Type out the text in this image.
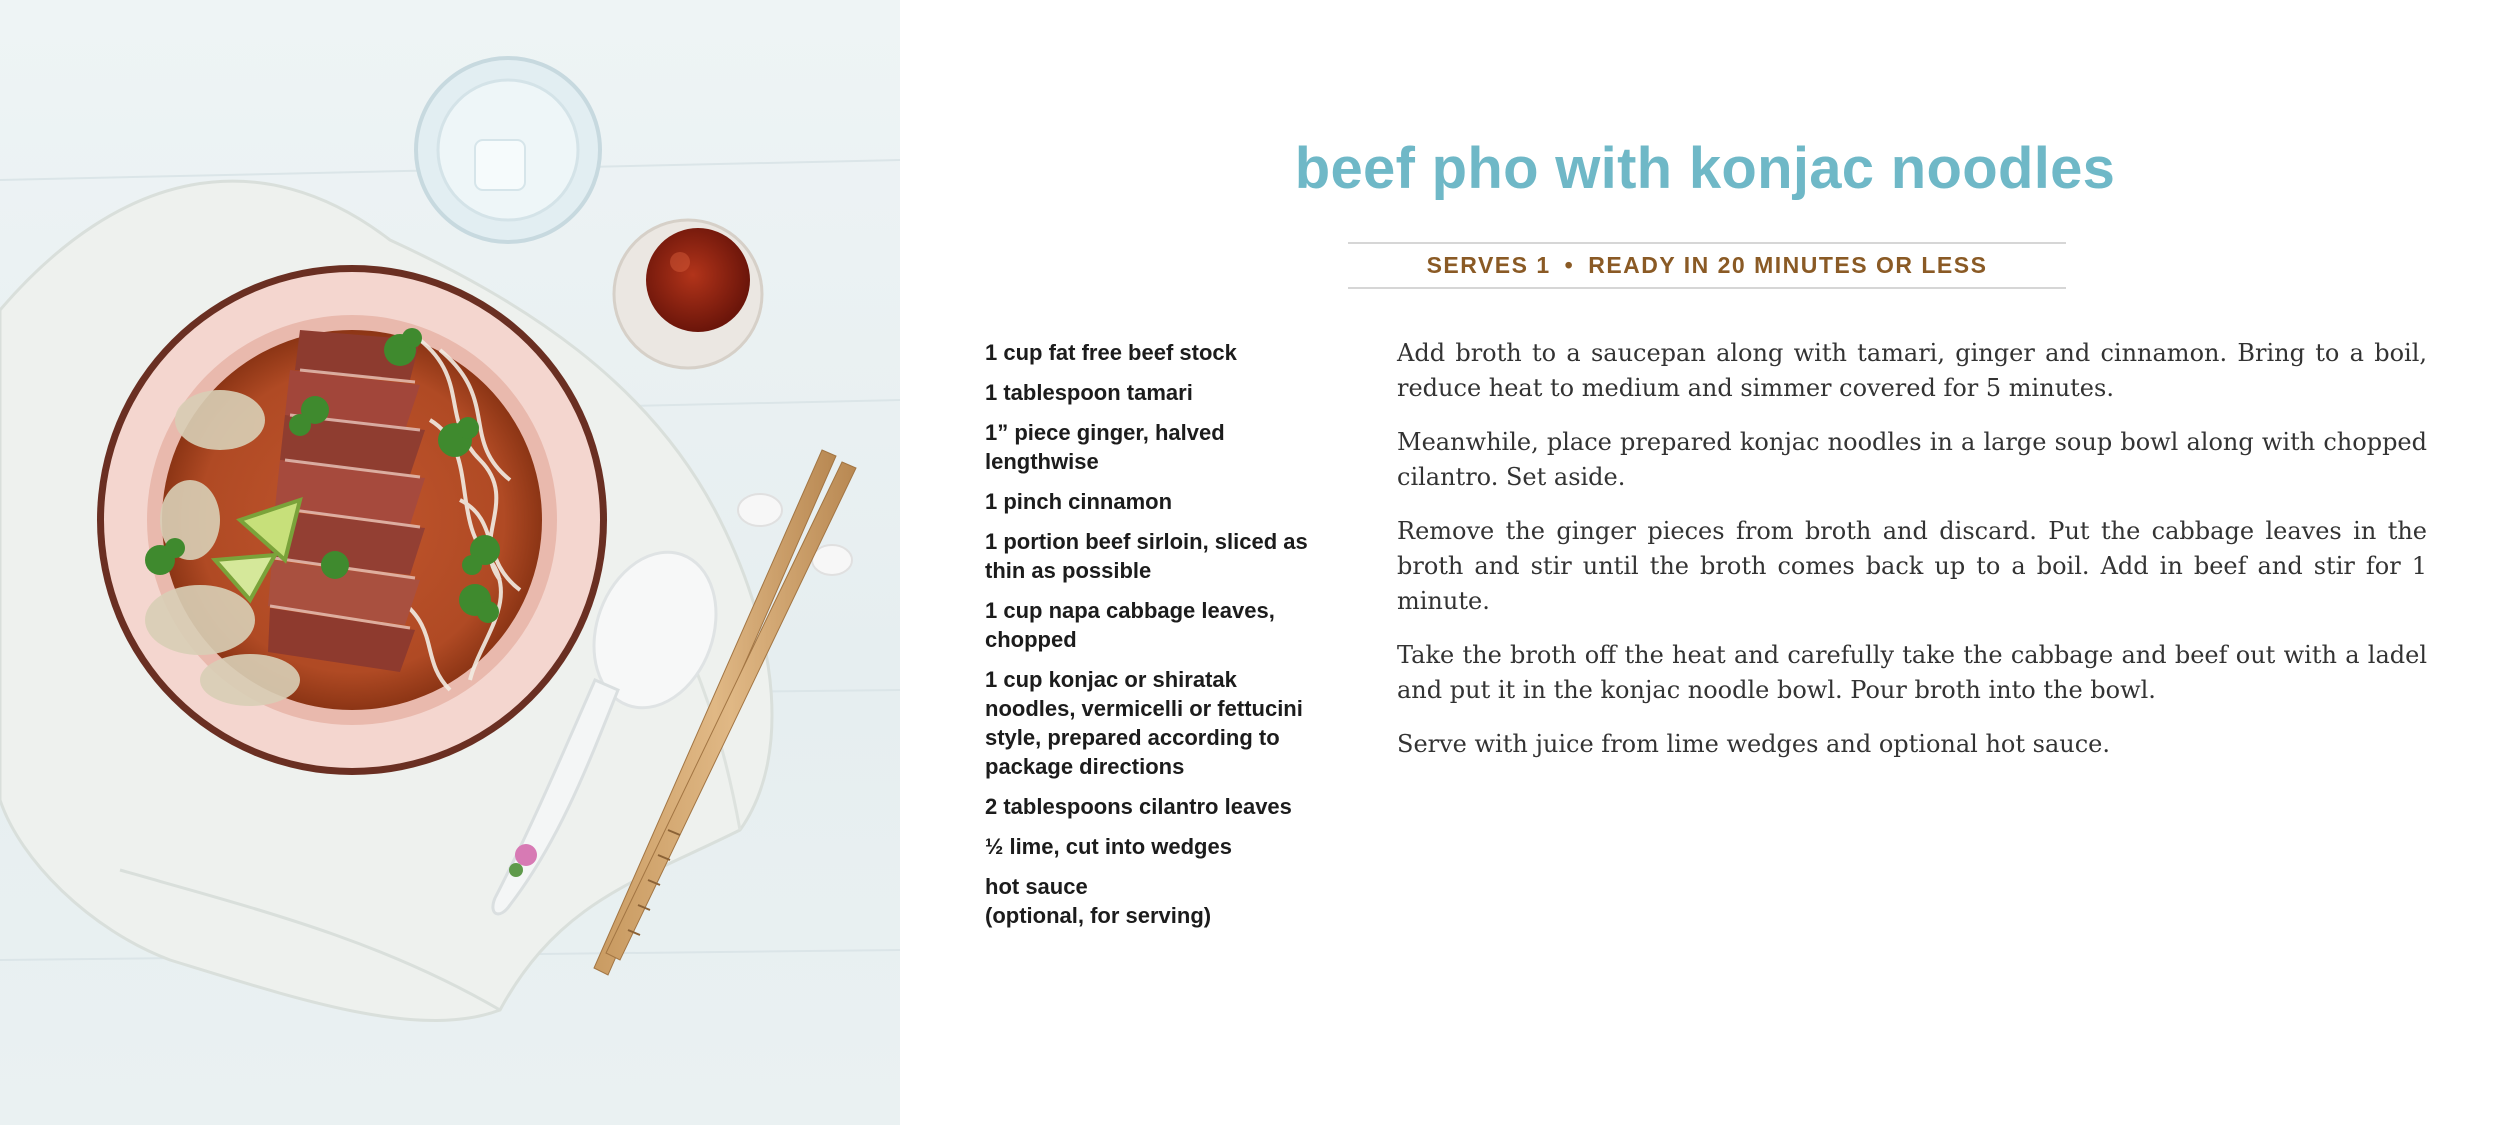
beef pho with konjac noodles
SERVES 1 • READY IN 20 MINUTES OR LESS
1 cup fat free beef stock
1 tablespoon tamari
1” piece ginger, halved
lengthwise
1 pinch cinnamon
1 portion beef sirloin, sliced as
thin as possible
1 cup napa cabbage leaves,
chopped
1 cup konjac or shiratak
noodles, vermicelli or fettucini
style, prepared according to
package directions
2 tablespoons cilantro leaves
½ lime, cut into wedges
hot sauce
(optional, for serving)

Add broth to a saucepan along with tamari, ginger and cinnamon. Bring to a boil, reduce heat to medium and simmer covered for 5 minutes.

Meanwhile, place prepared konjac noodles in a large soup bowl along with chopped cilantro. Set aside.

Remove the ginger pieces from broth and discard. Put the cabbage leaves in the broth and stir until the broth comes back up to a boil. Add in beef and stir for 1 minute.

Take the broth off the heat and carefully take the cabbage and beef out with a ladel and put it in the konjac noodle bowl. Pour broth into the bowl.

Serve with juice from lime wedges and optional hot sauce.
